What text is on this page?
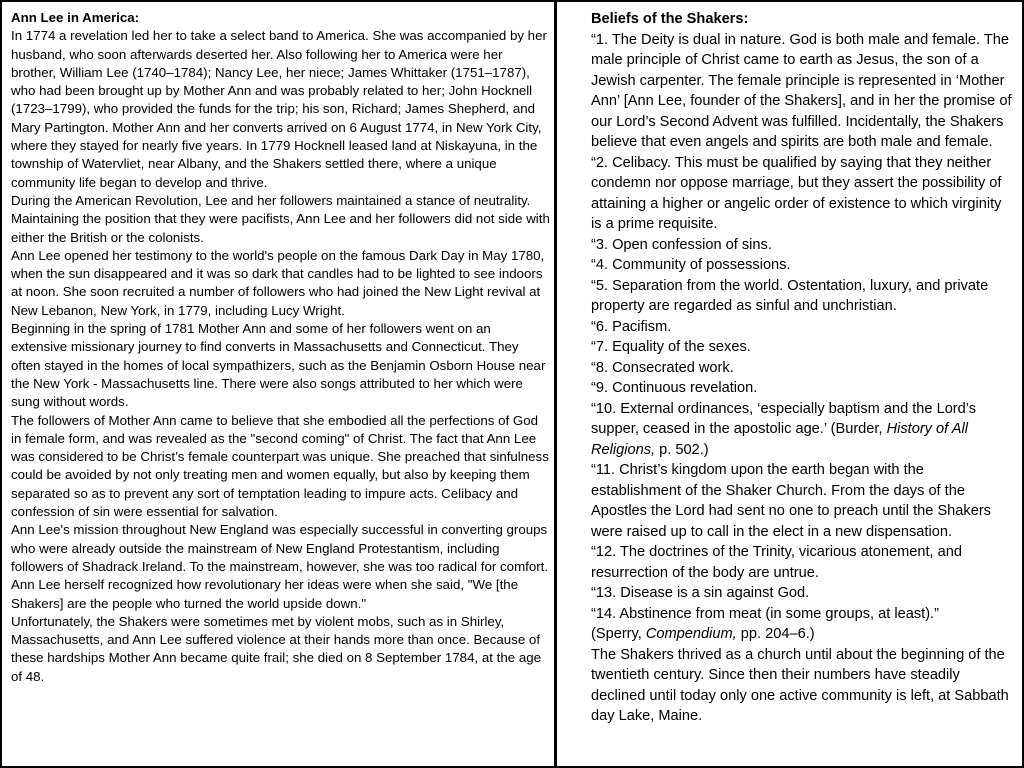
Ann Lee in America:

In 1774 a revelation led her to take a select band to America. She was accompanied by her husband, who soon afterwards deserted her. Also following her to America were her brother, William Lee (1740–1784); Nancy Lee, her niece; James Whittaker (1751–1787), who had been brought up by Mother Ann and was probably related to her; John Hocknell (1723–1799), who provided the funds for the trip; his son, Richard; James Shepherd, and Mary Partington. Mother Ann and her converts arrived on 6 August 1774, in New York City, where they stayed for nearly five years. In 1779 Hocknell leased land at Niskayuna, in the township of Watervliet, near Albany, and the Shakers settled there, where a unique community life began to develop and thrive.

During the American Revolution, Lee and her followers maintained a stance of neutrality. Maintaining the position that they were pacifists, Ann Lee and her followers did not side with either the British or the colonists.

Ann Lee opened her testimony to the world's people on the famous Dark Day in May 1780, when the sun disappeared and it was so dark that candles had to be lighted to see indoors at noon. She soon recruited a number of followers who had joined the New Light revival at New Lebanon, New York, in 1779, including Lucy Wright.

Beginning in the spring of 1781 Mother Ann and some of her followers went on an extensive missionary journey to find converts in Massachusetts and Connecticut. They often stayed in the homes of local sympathizers, such as the Benjamin Osborn House near the New York - Massachusetts line. There were also songs attributed to her which were sung without words.

The followers of Mother Ann came to believe that she embodied all the perfections of God in female form, and was revealed as the "second coming" of Christ. The fact that Ann Lee was considered to be Christ’s female counterpart was unique. She preached that sinfulness could be avoided by not only treating men and women equally, but also by keeping them separated so as to prevent any sort of temptation leading to impure acts. Celibacy and confession of sin were essential for salvation.

Ann Lee's mission throughout New England was especially successful in converting groups who were already outside the mainstream of New England Protestantism, including followers of Shadrack Ireland. To the mainstream, however, she was too radical for comfort. Ann Lee herself recognized how revolutionary her ideas were when she said, "We [the Shakers] are the people who turned the world upside down."

Unfortunately, the Shakers were sometimes met by violent mobs, such as in Shirley, Massachusetts, and Ann Lee suffered violence at their hands more than once. Because of these hardships Mother Ann became quite frail; she died on 8 September 1784, at the age of 48.

Beliefs of the Shakers:

“1. The Deity is dual in nature. God is both male and female. The male principle of Christ came to earth as Jesus, the son of a Jewish carpenter. The female principle is represented in ‘Mother Ann’ [Ann Lee, founder of the Shakers], and in her the promise of our Lord’s Second Advent was fulfilled. Incidentally, the Shakers believe that even angels and spirits are both male and female.

“2. Celibacy. This must be qualified by saying that they neither condemn nor oppose marriage, but they assert the possibility of attaining a higher or angelic order of existence to which virginity is a prime requisite.

“3. Open confession of sins.

“4. Community of possessions.

“5. Separation from the world. Ostentation, luxury, and private property are regarded as sinful and unchristian.

“6. Pacifism.

“7. Equality of the sexes.

“8. Consecrated work.

“9. Continuous revelation.

“10. External ordinances, ‘especially baptism and the Lord’s supper, ceased in the apostolic age.’ (Burder, History of All Religions, p. 502.)

“11. Christ’s kingdom upon the earth began with the establishment of the Shaker Church. From the days of the Apostles the Lord had sent no one to preach until the Shakers were raised up to call in the elect in a new dispensation.

“12. The doctrines of the Trinity, vicarious atonement, and resurrection of the body are untrue.

“13. Disease is a sin against God.

“14. Abstinence from meat (in some groups, at least).”

(Sperry, Compendium, pp. 204–6.)

The Shakers thrived as a church until about the beginning of the twentieth century. Since then their numbers have steadily declined until today only one active community is left, at Sabbath day Lake, Maine.
